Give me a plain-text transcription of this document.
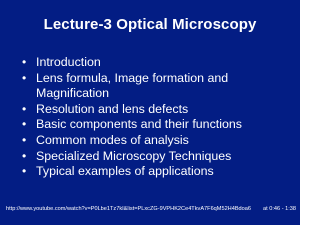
Lecture-3 Optical Microscopy
• Introduction
• Lens formula, Image formation and Magnification
• Resolution and lens defects
• Basic components and their functions
• Common modes of analysis
• Specialized Microscopy Techniques
• Typical examples of applications
http://www.youtube.com/watch?v=P0Lbe1Tz7kI&list=PLxcZG-9VPHK2Ce4TkvA7F6qM52H4Bdoa6 at 0:46 - 1:38
